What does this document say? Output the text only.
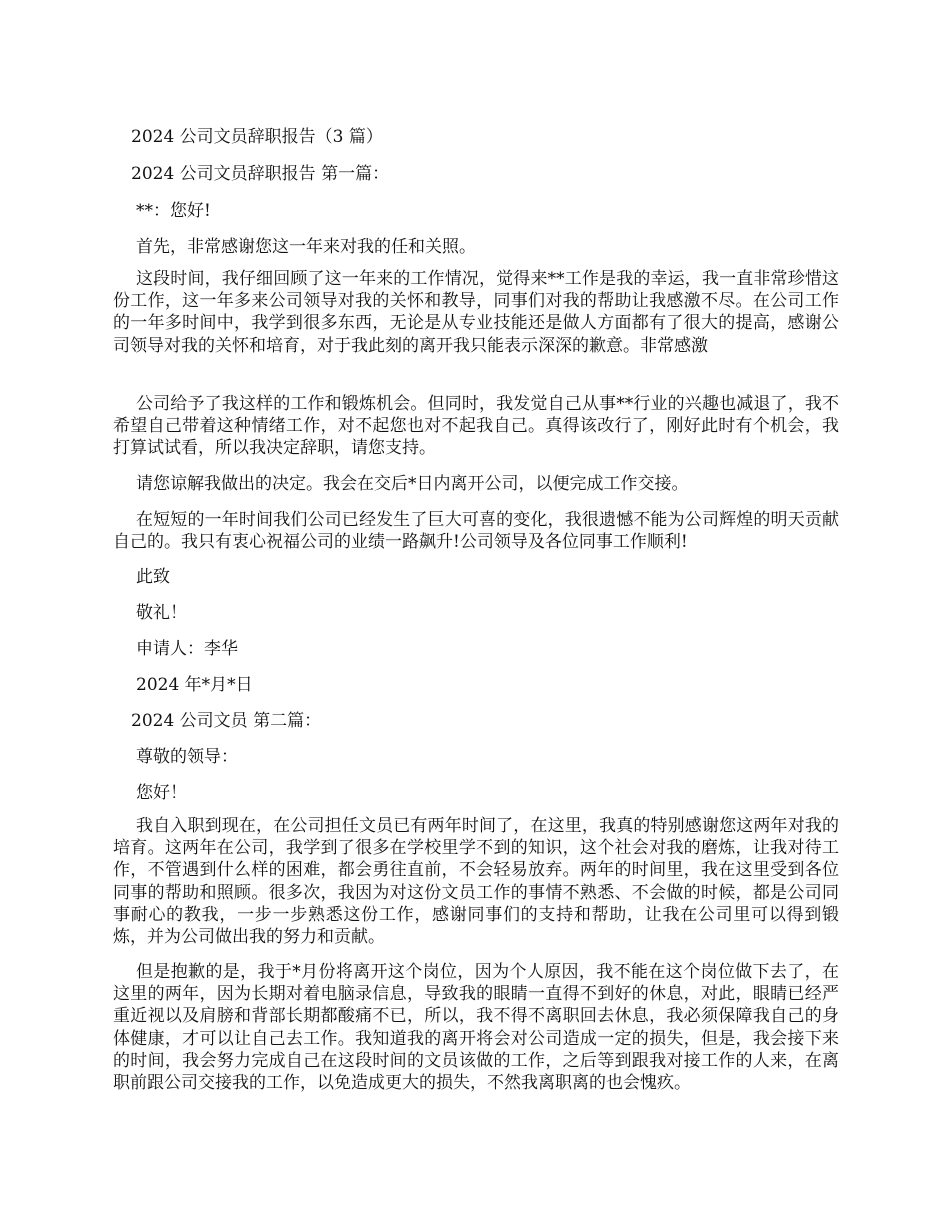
2024 公司文员辞职报告（3 篇）
2024 公司文员辞职报告 第一篇：
**：您好!
首先，非常感谢您这一年来对我的任和关照。

这段时间，我仔细回顾了这一年来的工作情况，觉得来**工作是我的幸运，我一直非常珍惜这份工作，这一年多来公司领导对我的关怀和教导，同事们对我的帮助让我感激不尽。在公司工作的一年多时间中，我学到很多东西，无论是从专业技能还是做人方面都有了很大的提高，感谢公司领导对我的关怀和培育，对于我此刻的离开我只能表示深深的歉意。非常感激

公司给予了我这样的工作和锻炼机会。但同时，我发觉自己从事**行业的兴趣也减退了，我不希望自己带着这种情绪工作，对不起您也对不起我自己。真得该改行了，刚好此时有个机会，我打算试试看，所以我决定辞职，请您支持。

请您谅解我做出的决定。我会在交后*日内离开公司，以便完成工作交接。

在短短的一年时间我们公司已经发生了巨大可喜的变化，我很遗憾不能为公司辉煌的明天贡献自己的。我只有衷心祝福公司的业绩一路飙升!公司领导及各位同事工作顺利!

此致
敬礼！
申请人：李华
2024 年*月*日
2024 公司文员 第二篇：
尊敬的领导：
您好！

我自入职到现在，在公司担任文员已有两年时间了，在这里，我真的特别感谢您这两年对我的培育。这两年在公司，我学到了很多在学校里学不到的知识，这个社会对我的磨炼，让我对待工作，不管遇到什么样的困难，都会勇往直前，不会轻易放弃。两年的时间里，我在这里受到各位同事的帮助和照顾。很多次，我因为对这份文员工作的事情不熟悉、不会做的时候，都是公司同事耐心的教我，一步一步熟悉这份工作，感谢同事们的支持和帮助，让我在公司里可以得到锻炼，并为公司做出我的努力和贡献。

但是抱歉的是，我于*月份将离开这个岗位，因为个人原因，我不能在这个岗位做下去了，在这里的两年，因为长期对着电脑录信息，导致我的眼睛一直得不到好的休息，对此，眼睛已经严重近视以及肩膀和背部长期都酸痛不已，所以，我不得不离职回去休息，我必须保障我自己的身体健康，才可以让自己去工作。我知道我的离开将会对公司造成一定的损失，但是，我会接下来的时间，我会努力完成自己在这段时间的文员该做的工作，之后等到跟我对接工作的人来，在离职前跟公司交接我的工作，以免造成更大的损失，不然我离职离的也会愧疚。
